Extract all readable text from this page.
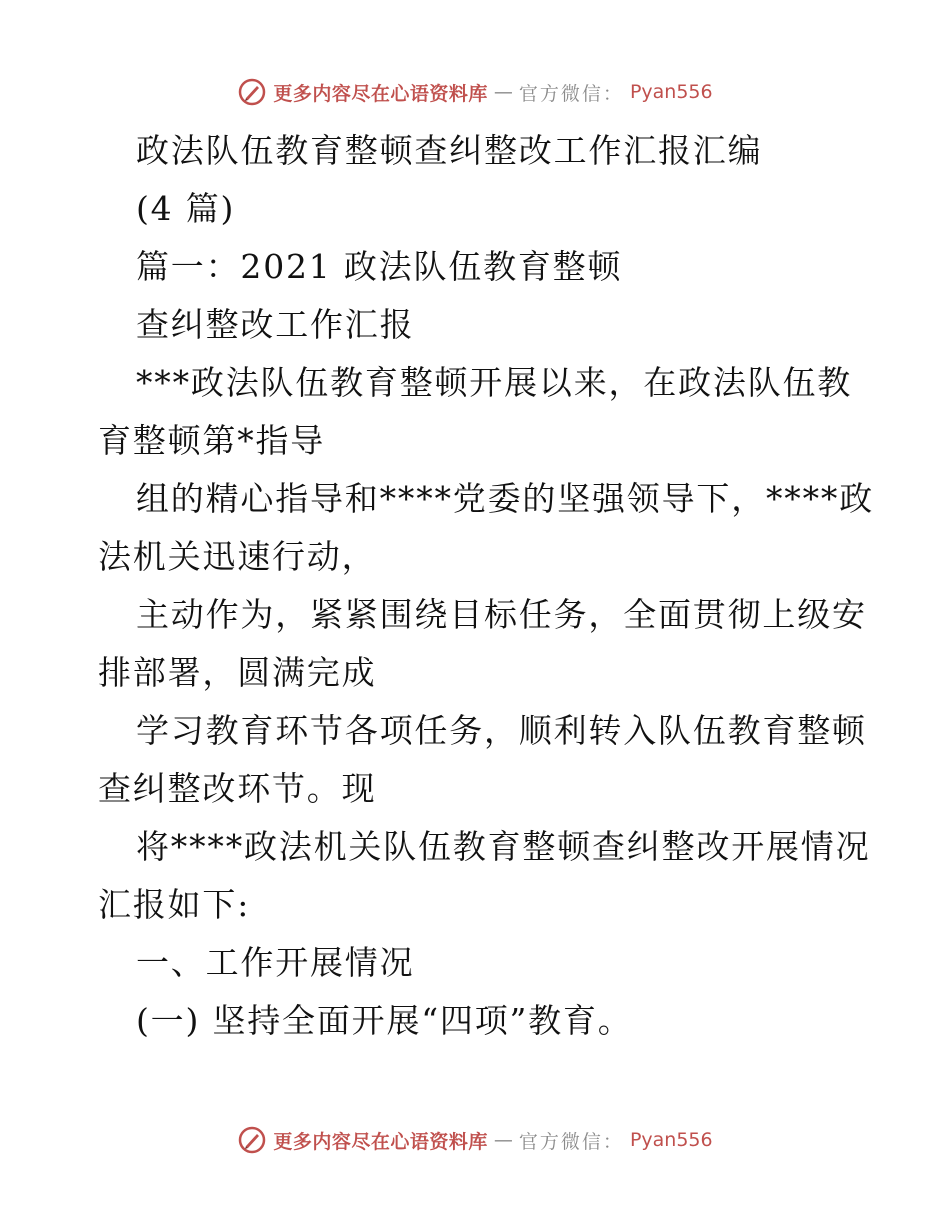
更多内容尽在心语资料库 — 官方微信： Pyan556
政法队伍教育整顿查纠整改工作汇报汇编
(4 篇)
篇一：2021 政法队伍教育整顿
查纠整改工作汇报
***政法队伍教育整顿开展以来，在政法队伍教
育整顿第*指导
组的精心指导和****党委的坚强领导下，****政
法机关迅速行动，
主动作为，紧紧围绕目标任务，全面贯彻上级安
排部署，圆满完成
学习教育环节各项任务，顺利转入队伍教育整顿
查纠整改环节。现
将****政法机关队伍教育整顿查纠整改开展情况
汇报如下:
一、工作开展情况
(一) 坚持全面开展“四项”教育。
更多内容尽在心语资料库 — 官方微信： Pyan556
